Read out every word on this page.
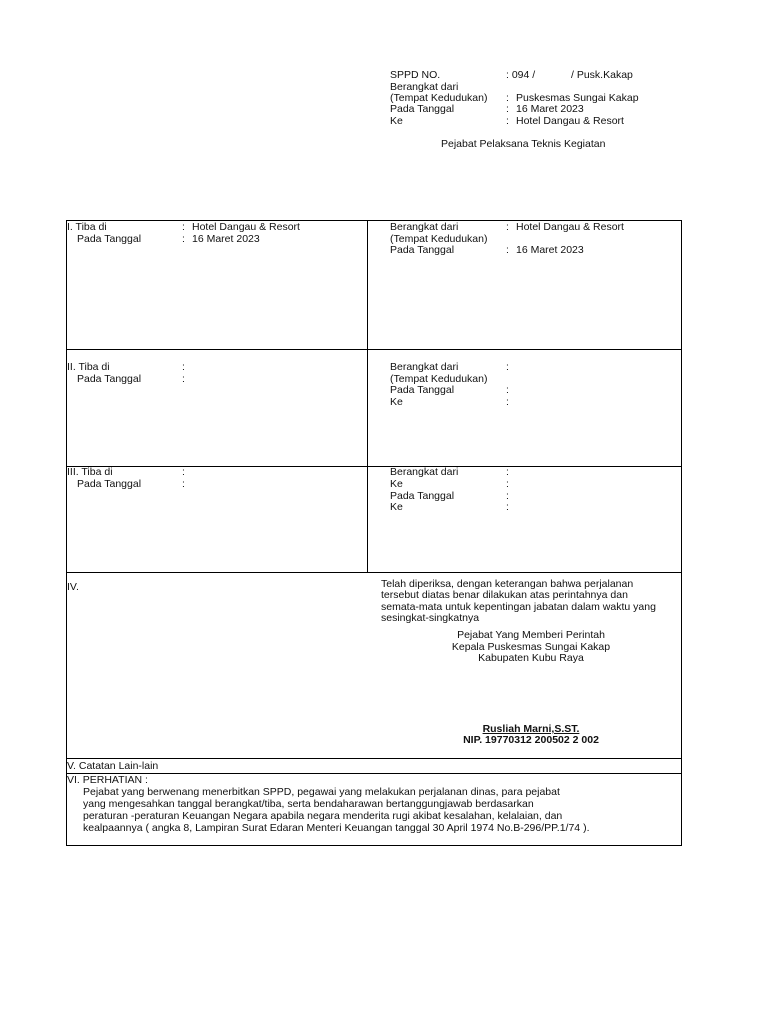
SPPD NO.	: 094 /	/ Pusk.Kakap
Berangkat dari
(Tempat Kedudukan) : Puskesmas Sungai Kakap
Pada Tanggal	: 16 Maret 2023
Ke	: Hotel Dangau & Resort
Pejabat Pelaksana Teknis Kegiatan
I. Tiba di	: Hotel Dangau & Resort
Pada Tanggal	: 16 Maret 2023
Berangkat dari	: Hotel Dangau & Resort
(Tempat Kedudukan)
Pada Tanggal	: 16 Maret 2023
II. Tiba di	:
Pada Tanggal	:
Berangkat dari	:
(Tempat Kedudukan)
Pada Tanggal	:
Ke	:
III. Tiba di	:
Pada Tanggal	:
Berangkat dari	:
Ke	:
Pada Tanggal	:
Ke	:
IV.	Telah diperiksa, dengan keterangan bahwa perjalanan
tersebut diatas benar dilakukan atas perintahnya dan
semata-mata untuk kepentingan jabatan dalam waktu yang
sesingkat-singkatnya
Pejabat Yang Memberi Perintah
Kepala Puskesmas Sungai Kakap
Kabupaten Kubu Raya
Rusliah Marni,S.ST.
NIP. 19770312 200502 2 002
V. Catatan Lain-lain
VI. PERHATIAN :
Pejabat yang berwenang menerbitkan SPPD, pegawai yang melakukan perjalanan dinas, para pejabat
yang mengesahkan tanggal berangkat/tiba, serta bendaharawan bertanggungjawab berdasarkan
peraturan -peraturan Keuangan Negara apabila negara menderita rugi akibat kesalahan, kelalaian, dan
kealpaannya ( angka 8, Lampiran Surat Edaran Menteri Keuangan tanggal 30 April 1974 No.B-296/PP.1/74 ).
